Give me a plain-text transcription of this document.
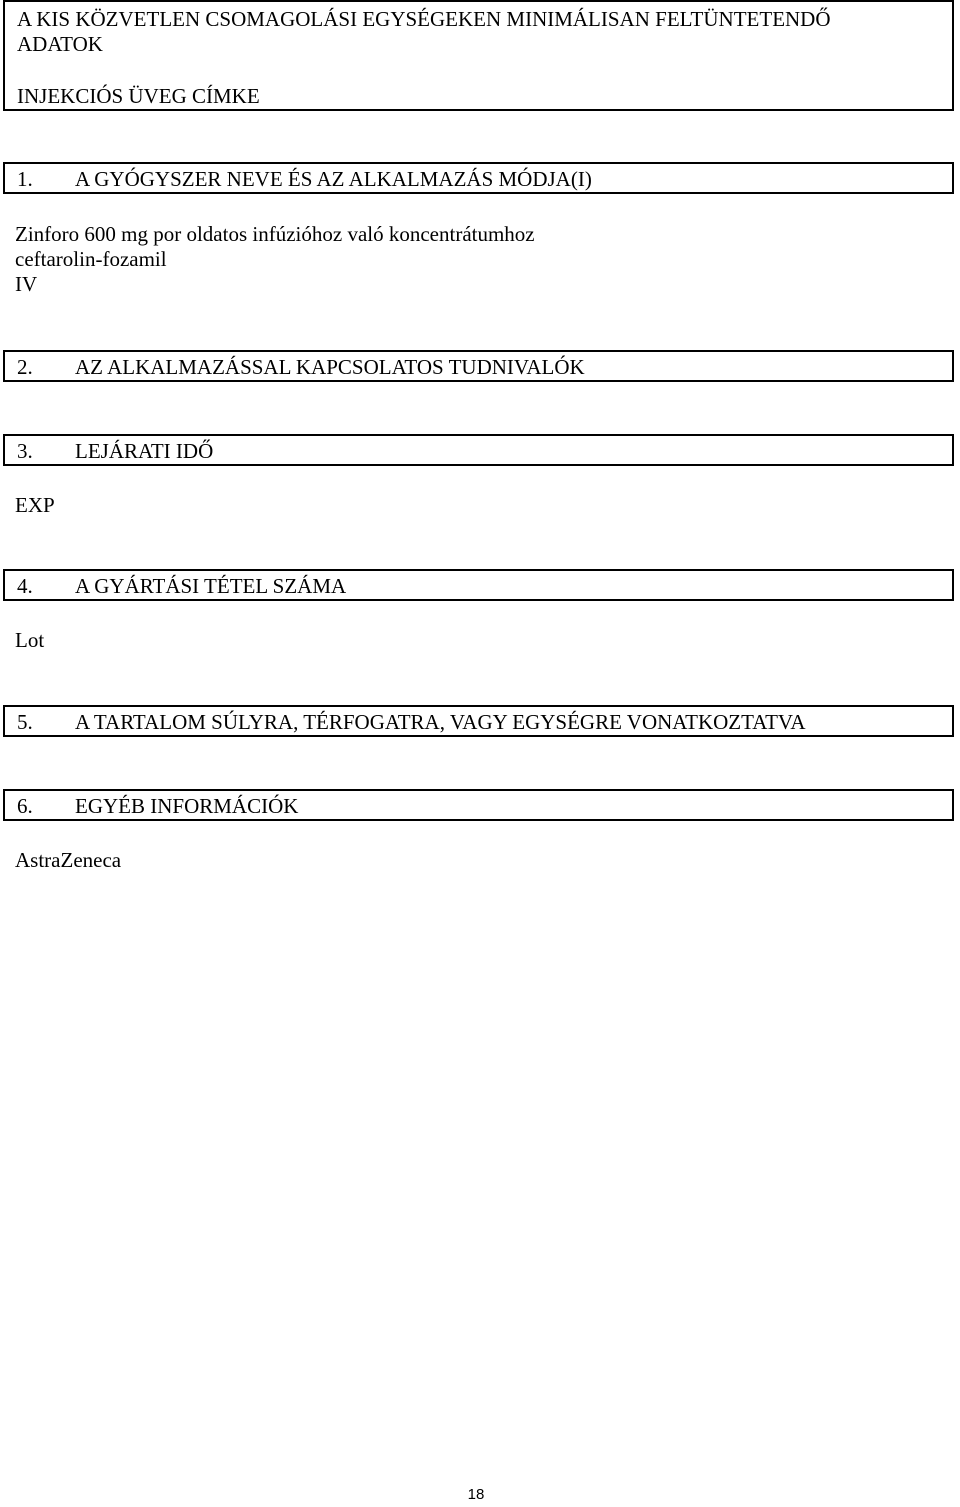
A KIS KÖZVETLEN CSOMAGOLÁSI EGYSÉGEKEN MINIMÁLISAN FELTÜNTETENDŐ
ADATOK
INJEKCIÓS ÜVEG CÍMKE
1. A GYÓGYSZER NEVE ÉS AZ ALKALMAZÁS MÓDJA(I)
Zinforo 600 mg por oldatos infúzióhoz való koncentrátumhoz
ceftarolin-fozamil
IV
2. AZ ALKALMAZÁSSAL KAPCSOLATOS TUDNIVALÓK
3. LEJÁRATI IDŐ
EXP
4. A GYÁRTÁSI TÉTEL SZÁMA
Lot
5. A TARTALOM SÚLYRA, TÉRFOGATRA, VAGY EGYSÉGRE VONATKOZTATVA
6. EGYÉB INFORMÁCIÓK
AstraZeneca
18
